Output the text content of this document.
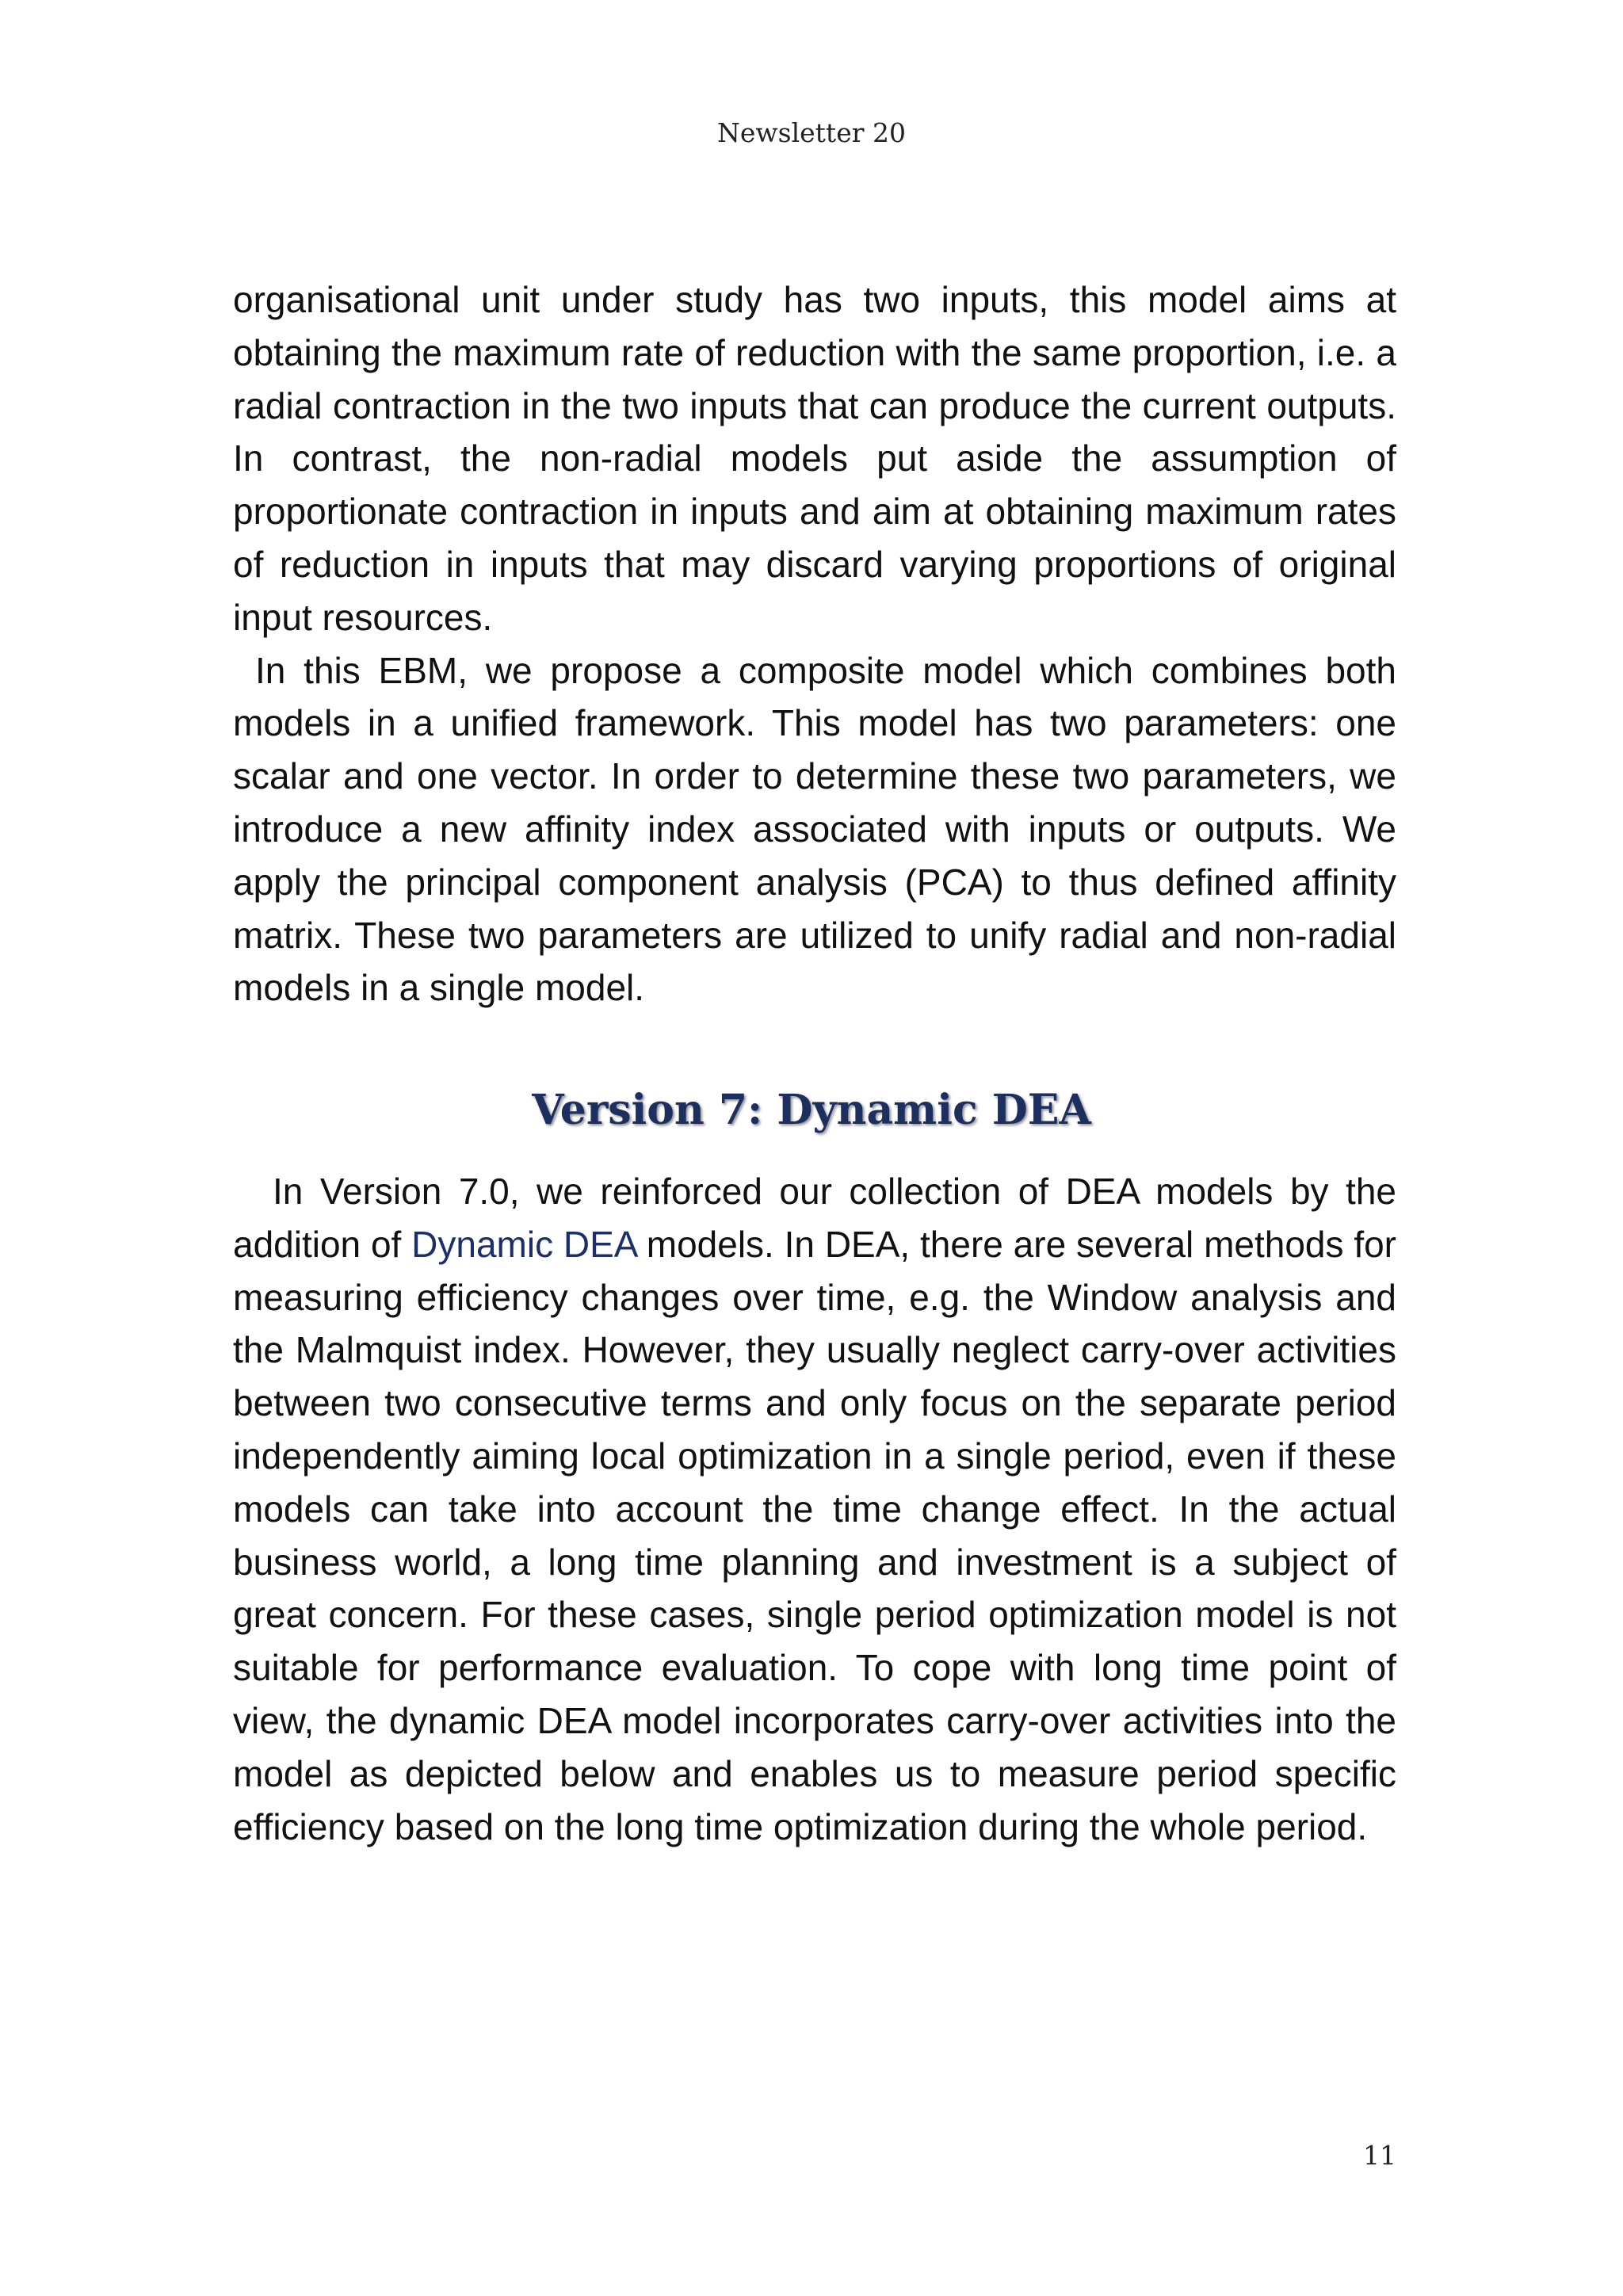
Newsletter 20

organisational unit under study has two inputs, this model aims at obtaining the maximum rate of reduction with the same proportion, i.e. a radial contraction in the two inputs that can produce the current outputs. In contrast, the non-radial models put aside the assumption of proportionate contraction in inputs and aim at obtaining maximum rates of reduction in inputs that may discard varying proportions of original input resources.

In this EBM, we propose a composite model which combines both models in a unified framework. This model has two parameters: one scalar and one vector. In order to determine these two parameters, we introduce a new affinity index associated with inputs or outputs. We apply the principal component analysis (PCA) to thus defined affinity matrix. These two parameters are utilized to unify radial and non-radial models in a single model.

Version 7: Dynamic DEA

In Version 7.0, we reinforced our collection of DEA models by the addition of Dynamic DEA models. In DEA, there are several methods for measuring efficiency changes over time, e.g. the Window analysis and the Malmquist index. However, they usually neglect carry-over activities between two consecutive terms and only focus on the separate period independently aiming local optimization in a single period, even if these models can take into account the time change effect. In the actual business world, a long time planning and investment is a subject of great concern. For these cases, single period optimization model is not suitable for performance evaluation. To cope with long time point of view, the dynamic DEA model incorporates carry-over activities into the model as depicted below and enables us to measure period specific efficiency based on the long time optimization during the whole period.

11
